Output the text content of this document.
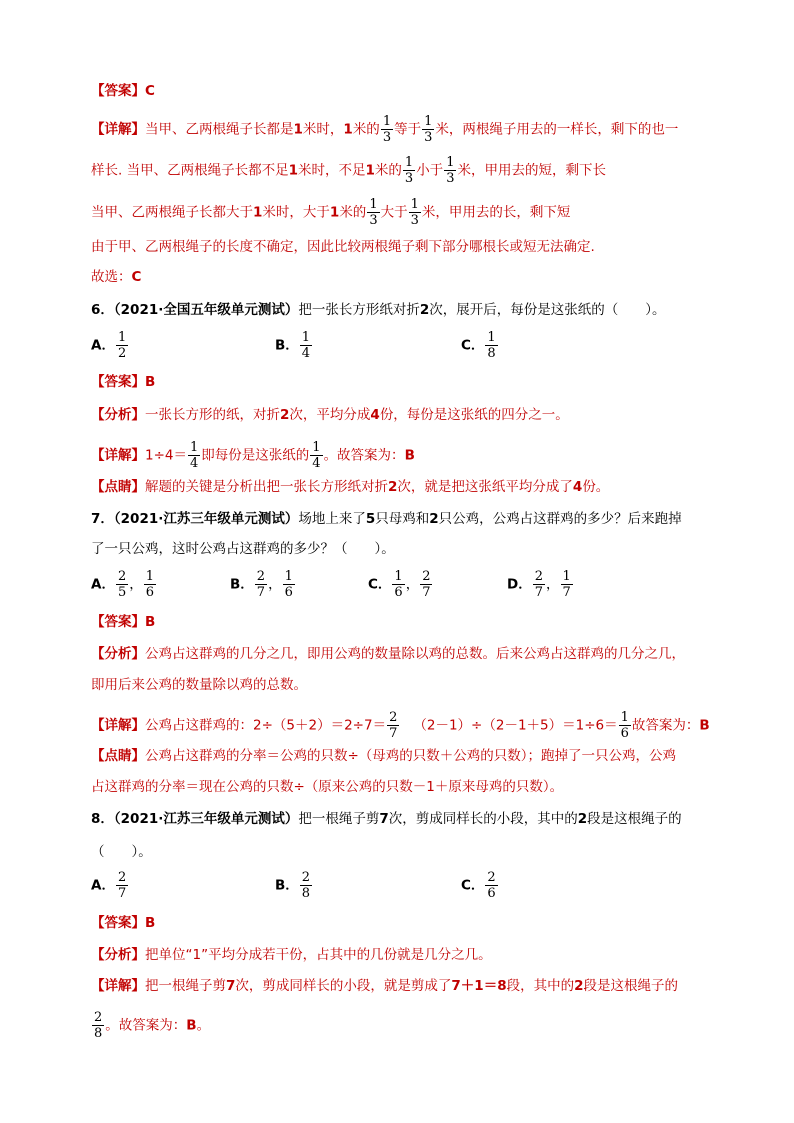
【答案】C
【详解】当甲、乙两根绳子长都是1米时，1米的 $\frac{1}{3}$ 等于 $\frac{1}{3}$ 米，两根绳子用去的一样长，剩下的也一
样长. 当甲、乙两根绳子长都不足1米时，不足1米的 $\frac{1}{3}$ 小于 $\frac{1}{3}$ 米，甲用去的短，剩下长
当甲、乙两根绳子长都大于1米时，大于1米的 $\frac{1}{3}$ 大于 $\frac{1}{3}$ 米，甲用去的长，剩下短
由于甲、乙两根绳子的长度不确定，因此比较两根绳子剩下部分哪根长或短无法确定.
故选：C
6．（2021·全国五年级单元测试）把一张长方形纸对折2次，展开后，每份是这张纸的（　　）。
A． $\frac{1}{2}$	B． $\frac{1}{4}$	C． $\frac{1}{8}$
【答案】B
【分析】一张长方形的纸，对折2次，平均分成4份，每份是这张纸的四分之一。
【详解】$1\div 4= \frac{1}{4}$ 即每份是这张纸的 $\frac{1}{4}$ 。故答案为：B
【点睛】解题的关键是分析出把一张长方形纸对折2次，就是把这张纸平均分成了4份。
7．（2021·江苏三年级单元测试）场地上来了5只母鸡和2只公鸡，公鸡占这群鸡的多少？后来跑掉
了一只公鸡，这时公鸡占这群鸡的多少？（　　）。
A． $\frac{2}{5}$ ， $\frac{1}{6}$	B． $\frac{2}{7}$ ， $\frac{1}{6}$	C． $\frac{1}{6}$ ， $\frac{2}{7}$	D． $\frac{2}{7}$ ， $\frac{1}{7}$
【答案】B
【分析】公鸡占这群鸡的几分之几，即用公鸡的数量除以鸡的总数。后来公鸡占这群鸡的几分之几，
即用后来公鸡的数量除以鸡的总数。
【详解】公鸡占这群鸡的：$2\div(5+2)=2\div 7= \frac{2}{7} (2-1)\div(2-1+5)=1\div 6= \frac{1}{6}$ 故答案为：B
【点睛】公鸡占这群鸡的分率＝公鸡的只数÷（母鸡的只数＋公鸡的只数）；跑掉了一只公鸡，公鸡
占这群鸡的分率＝现在公鸡的只数÷（原来公鸡的只数－1＋原来母鸡的只数）。
8．（2021·江苏三年级单元测试）把一根绳子剪7次，剪成同样长的小段，其中的2段是这根绳子的
（　　）。
A． $\frac{2}{7}$	B． $\frac{2}{8}$	C． $\frac{2}{6}$
【答案】B
【分析】把单位“1”平均分成若干份，占其中的几份就是几分之几。
【详解】把一根绳子剪7次，剪成同样长的小段，就是剪成了7＋1＝8段，其中的2段是这根绳子的
$\frac{2}{8}$ 。故答案为：B。
